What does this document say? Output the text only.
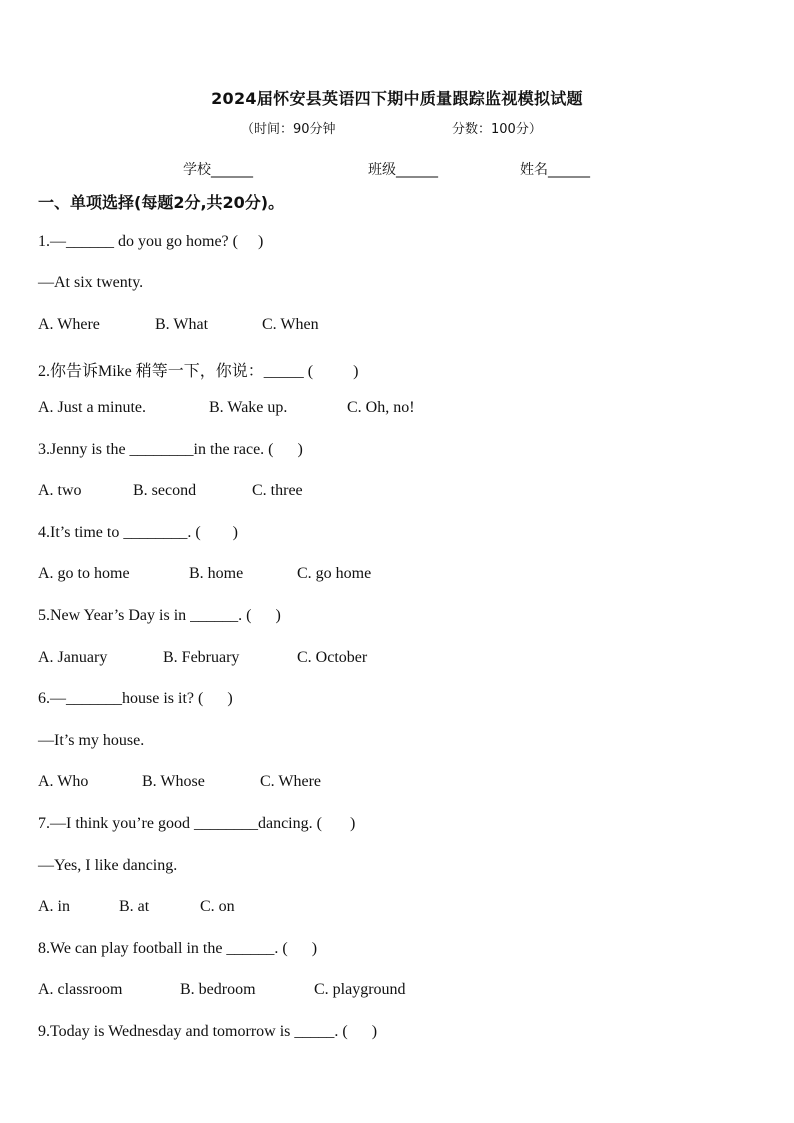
2024届怀安县英语四下期中质量跟踪监视模拟试题
（时间：90分钟	分数：100分）
学校______	班级______	姓名______
一、单项选择(每题2分,共20分)。
1.—______ do you go home? (     )
—At six twenty.
A. Where	B. What	C. When
2.你告诉Mike 稍等一下，你说：_____ (          )
A. Just a minute.	B. Wake up.	C. Oh, no!
3.Jenny is the ________in the race. (      )
A. two	B. second	C. three
4.It’s time to ________. (        )
A. go to home	B. home	C. go home
5.New Year’s Day is in ______. (      )
A. January	B. February	C. October
6.—_______house is it? (      )
—It’s my house.
A. Who	B. Whose	C. Where
7.—I think you’re good ________dancing. (       )
—Yes, I like dancing.
A. in	B. at	C. on
8.We can play football in the ______. (      )
A. classroom	B. bedroom	C. playground
9.Today is Wednesday and tomorrow is _____. (      )
